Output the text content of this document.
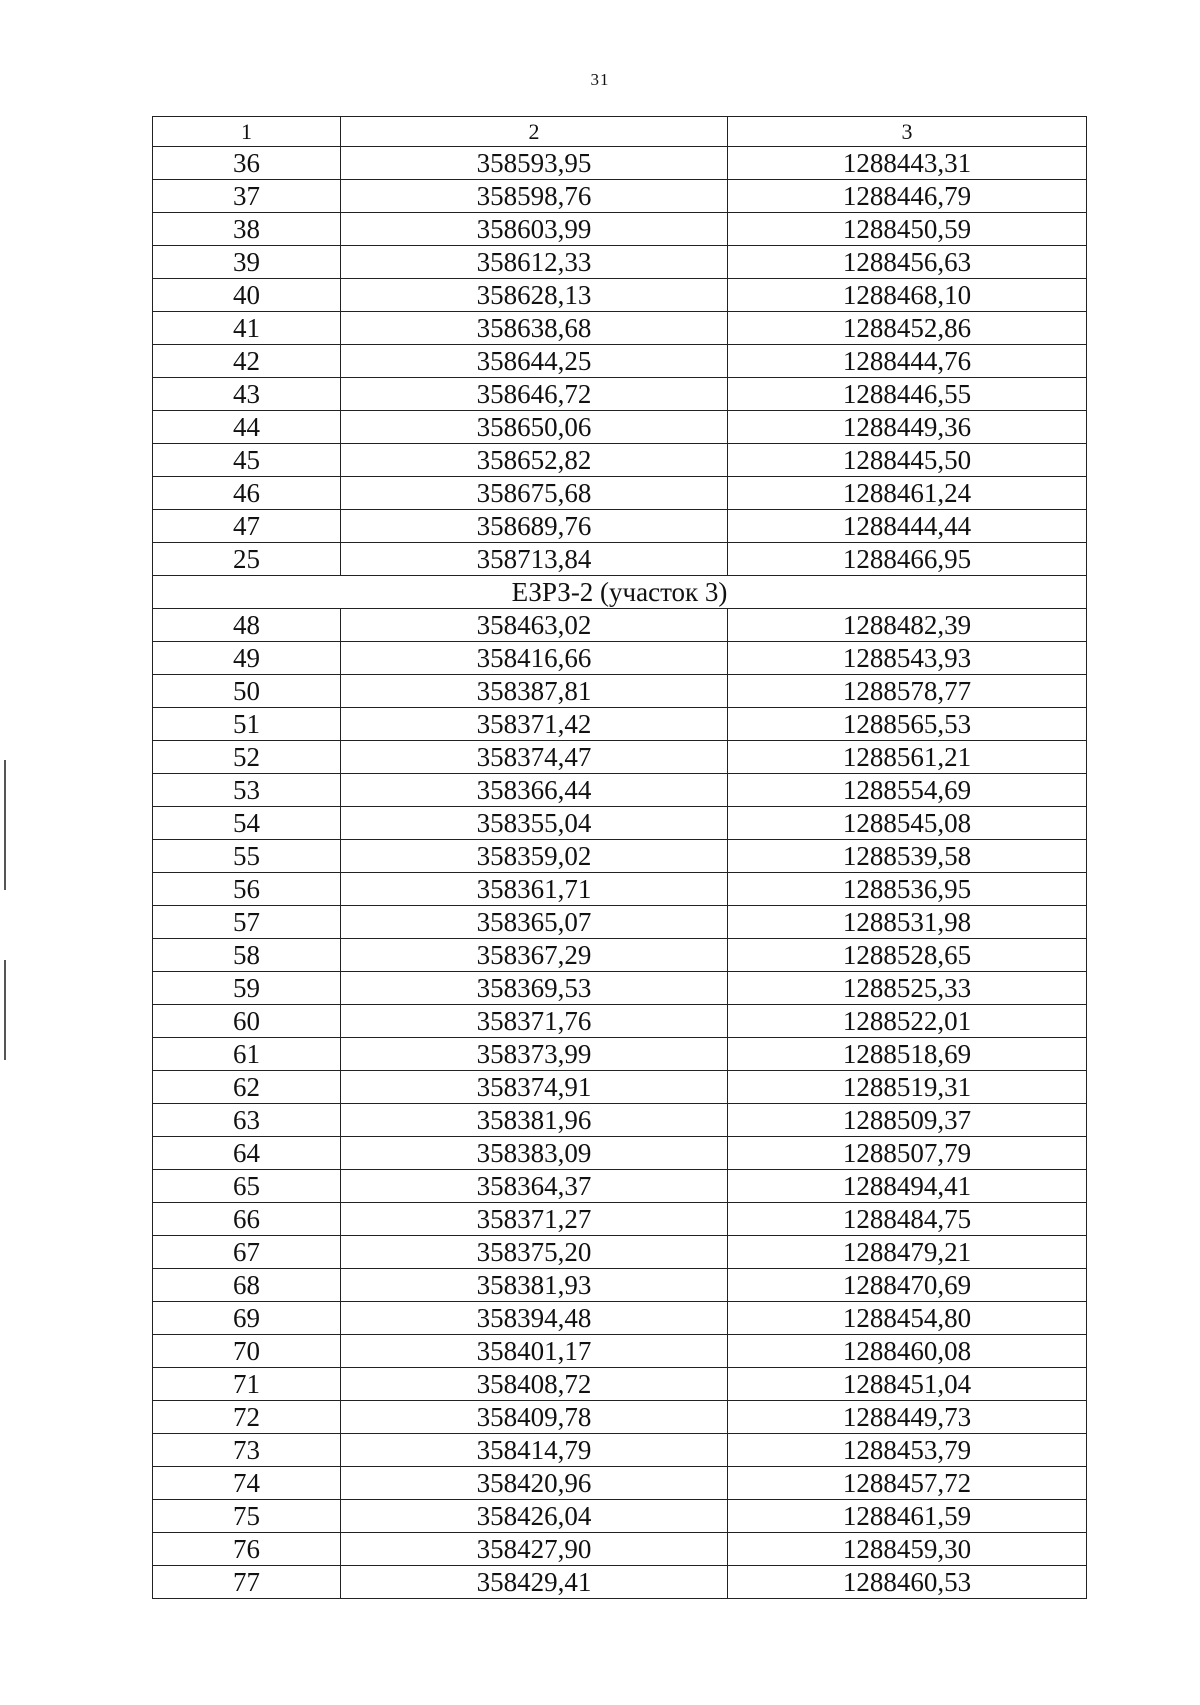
31
1	2	3
36	358593,95	1288443,31
37	358598,76	1288446,79
38	358603,99	1288450,59
39	358612,33	1288456,63
40	358628,13	1288468,10
41	358638,68	1288452,86
42	358644,25	1288444,76
43	358646,72	1288446,55
44	358650,06	1288449,36
45	358652,82	1288445,50
46	358675,68	1288461,24
47	358689,76	1288444,44
25	358713,84	1288466,95
ЕЗРЗ-2 (участок 3)		
48	358463,02	1288482,39
49	358416,66	1288543,93
50	358387,81	1288578,77
51	358371,42	1288565,53
52	358374,47	1288561,21
53	358366,44	1288554,69
54	358355,04	1288545,08
55	358359,02	1288539,58
56	358361,71	1288536,95
57	358365,07	1288531,98
58	358367,29	1288528,65
59	358369,53	1288525,33
60	358371,76	1288522,01
61	358373,99	1288518,69
62	358374,91	1288519,31
63	358381,96	1288509,37
64	358383,09	1288507,79
65	358364,37	1288494,41
66	358371,27	1288484,75
67	358375,20	1288479,21
68	358381,93	1288470,69
69	358394,48	1288454,80
70	358401,17	1288460,08
71	358408,72	1288451,04
72	358409,78	1288449,73
73	358414,79	1288453,79
74	358420,96	1288457,72
75	358426,04	1288461,59
76	358427,90	1288459,30
77	358429,41	1288460,53
